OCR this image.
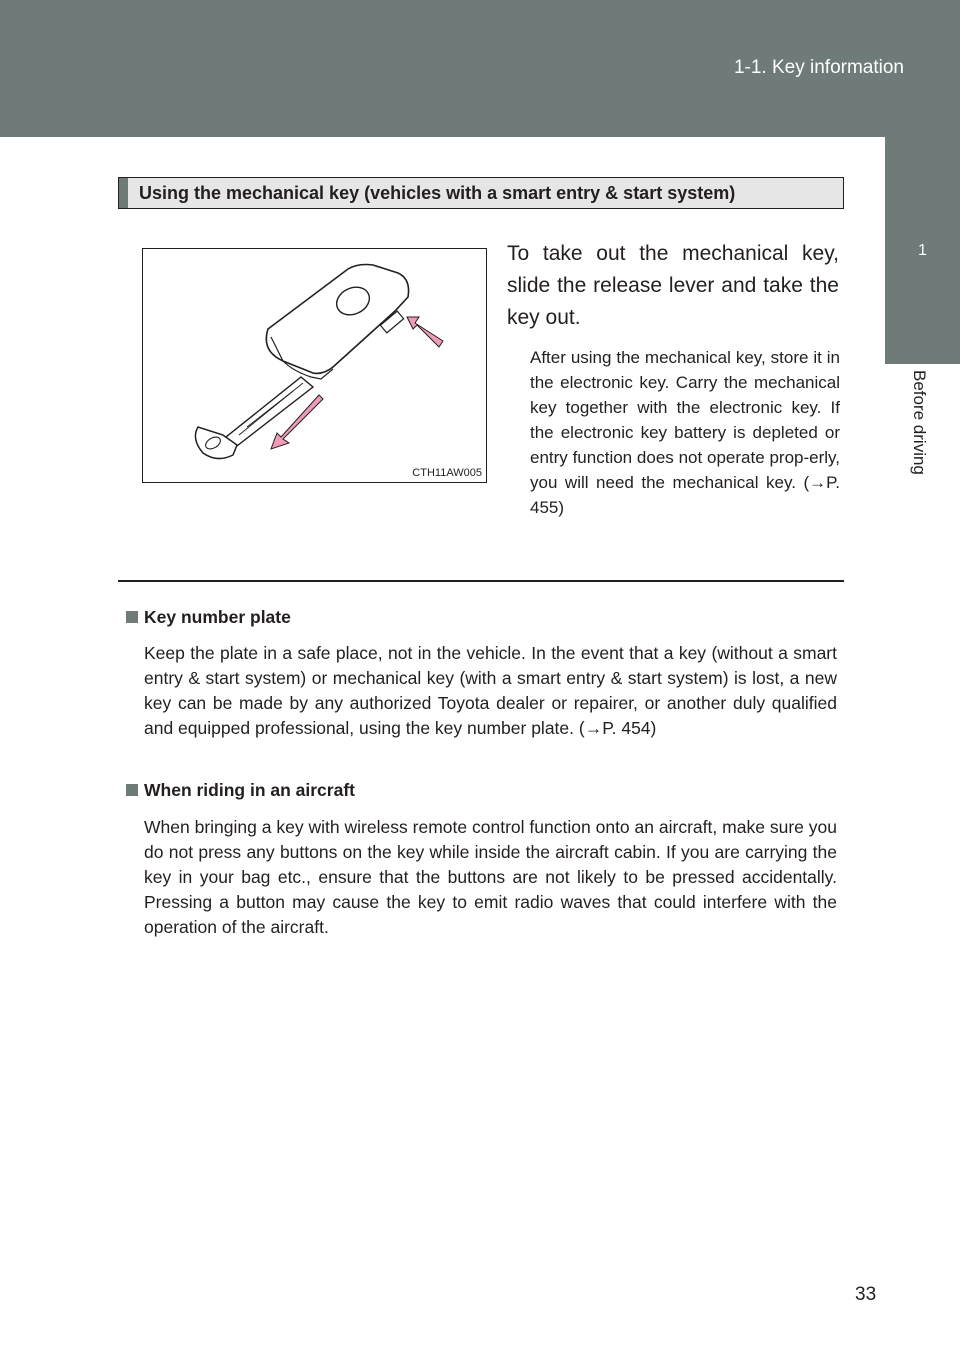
1-1. Key information
1
Before driving
Using the mechanical key (vehicles with a smart entry & start system)
CTH11AW005
To take out the mechanical key, slide the release lever and take the key out.
After using the mechanical key, store it in the electronic key. Carry the mechanical key together with the electronic key. If the electronic key battery is depleted or entry function does not operate prop-erly, you will need the mechanical key. (→P. 455)
Key number plate
Keep the plate in a safe place, not in the vehicle. In the event that a key (without a smart entry & start system) or mechanical key (with a smart entry & start system) is lost, a new key can be made by any authorized Toyota dealer or repairer, or another duly qualified and equipped professional, using the key number plate. (→P. 454)
When riding in an aircraft
When bringing a key with wireless remote control function onto an aircraft, make sure you do not press any buttons on the key while inside the aircraft cabin. If you are carrying the key in your bag etc., ensure that the buttons are not likely to be pressed accidentally. Pressing a button may cause the key to emit radio waves that could interfere with the operation of the aircraft.
33
